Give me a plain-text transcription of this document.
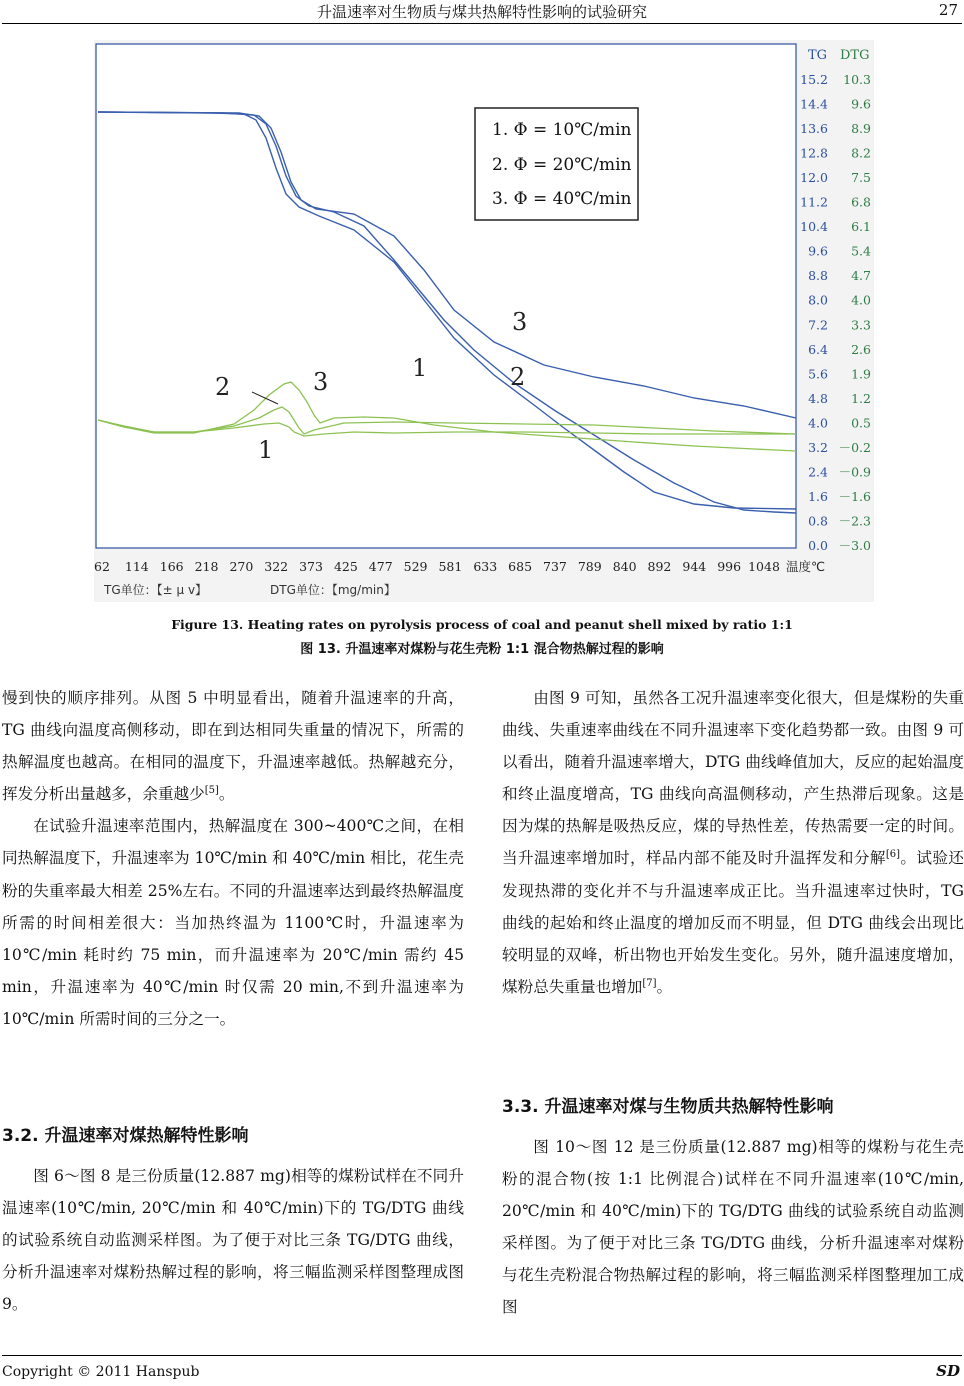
升温速率对生物质与煤共热解特性影响的试验研究	27
1	2
3
2	3
1
1. Φ = 10℃/min
2. Φ = 20℃/min
3. Φ = 40℃/min
TG DTG
15.2
14.4
13.6
12.8
12.0
11.2
10.4
9.6
8.8
8.0
7.2
6.4
5.6
4.8
4.0
3.2
2.4
1.6
0.8
0.0
10.3
9.6
8.9
8.2
7.5
6.8
6.1
5.4
4.7
4.0
3.3
2.6
1.9
1.2
0.5
－0.2
－0.9
－1.6
－2.3
－3.0
62 114 166 218 270 322 373 425 477 529 581 633 685 737 789 840 892 944 996 1048 温度℃
TG单位：【± μ v】	DTG单位：【mg/min】
Figure 13. Heating rates on pyrolysis process of coal and peanut shell mixed by ratio 1:1
图 13. 升温速率对煤粉与花生壳粉 1:1 混合物热解过程的影响

慢到快的顺序排列。从图 5 中明显看出，随着升温速率的升高，TG 曲线向温度高侧移动，即在到达相同失重量的情况下，所需的热解温度也越高。在相同的温度下，升温速率越低。热解越充分，挥发分析出量越多，余重越少[5]。

在试验升温速率范围内，热解温度在 300~400℃之间，在相同热解温度下，升温速率为 10℃/min 和 40℃/min 相比，花生壳粉的失重率最大相差 25%左右。不同的升温速率达到最终热解温度所需的时间相差很大：当加热终温为 1100℃时，升温速率为 10℃/min 耗时约 75 min，而升温速率为 20℃/min 需约 45 min，升温速率为 40℃/min 时仅需 20 min,不到升温速率为 10℃/min 所需时间的三分之一。

3.2. 升温速率对煤热解特性影响

图 6～图 8 是三份质量(12.887 mg)相等的煤粉试样在不同升温速率(10℃/min, 20℃/min 和 40℃/min)下的 TG/DTG 曲线的试验系统自动监测采样图。为了便于对比三条 TG/DTG 曲线，分析升温速率对煤粉热解过程的影响，将三幅监测采样图整理成图 9。

由图 9 可知，虽然各工况升温速率变化很大，但是煤粉的失重曲线、失重速率曲线在不同升温速率下变化趋势都一致。由图 9 可以看出，随着升温速率增大，DTG 曲线峰值加大，反应的起始温度和终止温度增高，TG 曲线向高温侧移动，产生热滞后现象。这是因为煤的热解是吸热反应，煤的导热性差，传热需要一定的时间。当升温速率增加时，样品内部不能及时升温挥发和分解[6]。试验还发现热滞的变化并不与升温速率成正比。当升温速率过快时，TG 曲线的起始和终止温度的增加反而不明显，但 DTG 曲线会出现比较明显的双峰，析出物也开始发生变化。另外，随升温速度增加，煤粉总失重量也增加[7]。

3.3. 升温速率对煤与生物质共热解特性影响

图 10～图 12 是三份质量(12.887 mg)相等的煤粉与花生壳粉的混合物(按 1:1 比例混合)试样在不同升温速率(10℃/min, 20℃/min 和 40℃/min)下的 TG/DTG 曲线的试验系统自动监测采样图。为了便于对比三条 TG/DTG 曲线，分析升温速率对煤粉与花生壳粉混合物热解过程的影响，将三幅监测采样图整理加工成图

Copyright © 2011 Hanspub	SD
